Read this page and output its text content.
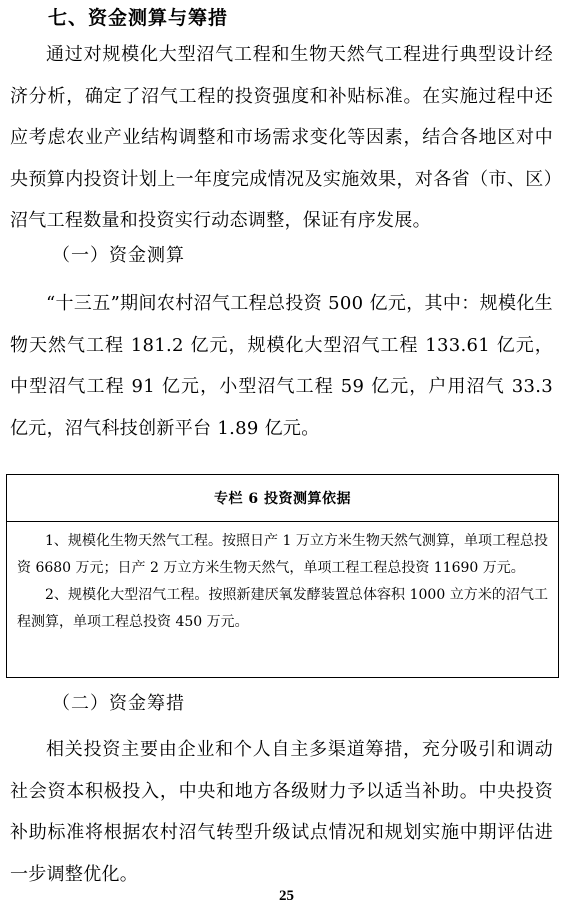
七、资金测算与筹措

通过对规模化大型沼气工程和生物天然气工程进行典型设计经济分析，确定了沼气工程的投资强度和补贴标准。在实施过程中还应考虑农业产业结构调整和市场需求变化等因素，结合各地区对中央预算内投资计划上一年度完成情况及实施效果，对各省（市、区）沼气工程数量和投资实行动态调整，保证有序发展。

（一）资金测算

“十三五”期间农村沼气工程总投资 500 亿元，其中：规模化生物天然气工程 181.2 亿元，规模化大型沼气工程 133.61 亿元，中型沼气工程 91 亿元，小型沼气工程 59 亿元，户用沼气 33.3 亿元，沼气科技创新平台 1.89 亿元。

专栏 6 投资测算依据

1、规模化生物天然气工程。按照日产 1 万立方米生物天然气测算，单项工程总投资 6680 万元；日产 2 万立方米生物天然气，单项工程工程总投资 11690 万元。

2、规模化大型沼气工程。按照新建厌氧发酵装置总体容积 1000 立方米的沼气工程测算，单项工程总投资 450 万元。

（二）资金筹措

相关投资主要由企业和个人自主多渠道筹措，充分吸引和调动社会资本积极投入，中央和地方各级财力予以适当补助。中央投资补助标准将根据农村沼气转型升级试点情况和规划实施中期评估进一步调整优化。

25
